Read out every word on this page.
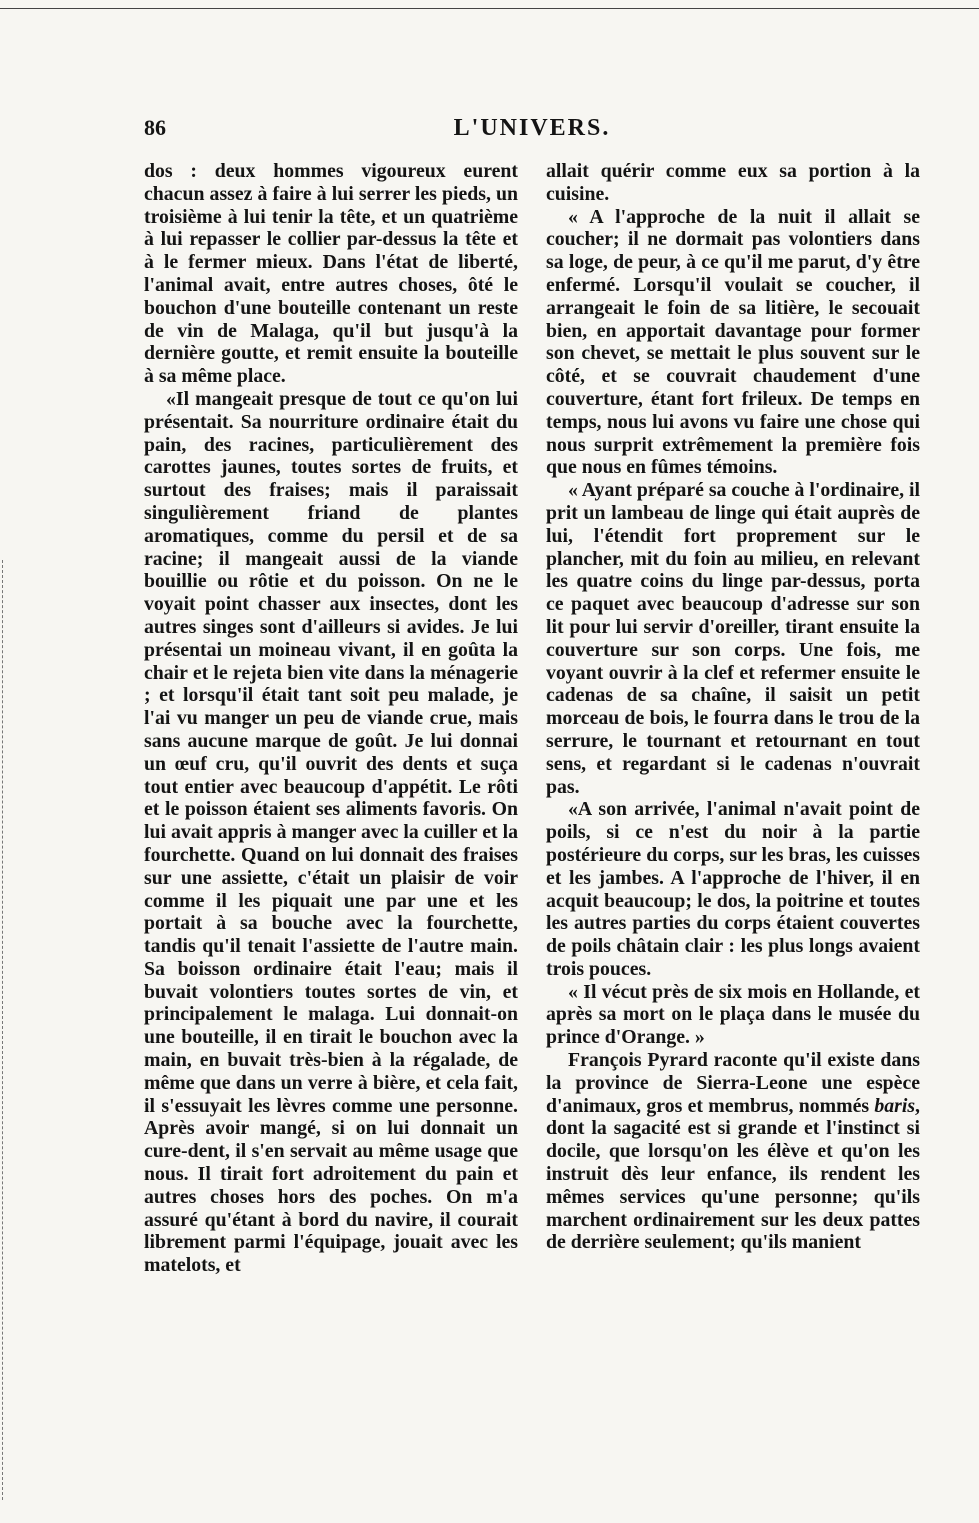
86	L'UNIVERS.

dos : deux hommes vigoureux eurent chacun assez à faire à lui serrer les pieds, un troisième à lui tenir la tête, et un quatrième à lui repasser le collier par-dessus la tête et à le fermer mieux. Dans l'état de liberté, l'animal avait, entre autres choses, ôté le bouchon d'une bouteille contenant un reste de vin de Malaga, qu'il but jusqu'à la dernière goutte, et remit ensuite la bouteille à sa même place.

«Il mangeait presque de tout ce qu'on lui présentait. Sa nourriture ordinaire était du pain, des racines, particulièrement des carottes jaunes, toutes sortes de fruits, et surtout des fraises; mais il paraissait singulièrement friand de plantes aromatiques, comme du persil et de sa racine; il mangeait aussi de la viande bouillie ou rôtie et du poisson. On ne le voyait point chasser aux insectes, dont les autres singes sont d'ailleurs si avides. Je lui présentai un moineau vivant, il en goûta la chair et le rejeta bien vite dans la ménagerie ; et lorsqu'il était tant soit peu malade, je l'ai vu manger un peu de viande crue, mais sans aucune marque de goût. Je lui donnai un œuf cru, qu'il ouvrit des dents et suça tout entier avec beaucoup d'appétit. Le rôti et le poisson étaient ses aliments favoris. On lui avait appris à manger avec la cuiller et la fourchette. Quand on lui donnait des fraises sur une assiette, c'était un plaisir de voir comme il les piquait une par une et les portait à sa bouche avec la fourchette, tandis qu'il tenait l'assiette de l'autre main. Sa boisson ordinaire était l'eau; mais il buvait volontiers toutes sortes de vin, et principalement le malaga. Lui donnait-on une bouteille, il en tirait le bouchon avec la main, en buvait très-bien à la régalade, de même que dans un verre à bière, et cela fait, il s'essuyait les lèvres comme une personne. Après avoir mangé, si on lui donnait un cure-dent, il s'en servait au même usage que nous. Il tirait fort adroitement du pain et autres choses hors des poches. On m'a assuré qu'étant à bord du navire, il courait librement parmi l'équipage, jouait avec les matelots, et

allait quérir comme eux sa portion à la cuisine.

« A l'approche de la nuit il allait se coucher; il ne dormait pas volontiers dans sa loge, de peur, à ce qu'il me parut, d'y être enfermé. Lorsqu'il voulait se coucher, il arrangeait le foin de sa litière, le secouait bien, en apportait davantage pour former son chevet, se mettait le plus souvent sur le côté, et se couvrait chaudement d'une couverture, étant fort frileux. De temps en temps, nous lui avons vu faire une chose qui nous surprit extrêmement la première fois que nous en fûmes témoins.

« Ayant préparé sa couche à l'ordinaire, il prit un lambeau de linge qui était auprès de lui, l'étendit fort proprement sur le plancher, mit du foin au milieu, en relevant les quatre coins du linge par-dessus, porta ce paquet avec beaucoup d'adresse sur son lit pour lui servir d'oreiller, tirant ensuite la couverture sur son corps. Une fois, me voyant ouvrir à la clef et refermer ensuite le cadenas de sa chaîne, il saisit un petit morceau de bois, le fourra dans le trou de la serrure, le tournant et retournant en tout sens, et regardant si le cadenas n'ouvrait pas.

«A son arrivée, l'animal n'avait point de poils, si ce n'est du noir à la partie postérieure du corps, sur les bras, les cuisses et les jambes. A l'approche de l'hiver, il en acquit beaucoup; le dos, la poitrine et toutes les autres parties du corps étaient couvertes de poils châtain clair : les plus longs avaient trois pouces.

« Il vécut près de six mois en Hollande, et après sa mort on le plaça dans le musée du prince d'Orange. »

François Pyrard raconte qu'il existe dans la province de Sierra-Leone une espèce d'animaux, gros et membrus, nommés baris, dont la sagacité est si grande et l'instinct si docile, que lorsqu'on les élève et qu'on les instruit dès leur enfance, ils rendent les mêmes services qu'une personne; qu'ils marchent ordinairement sur les deux pattes de derrière seulement; qu'ils manient
